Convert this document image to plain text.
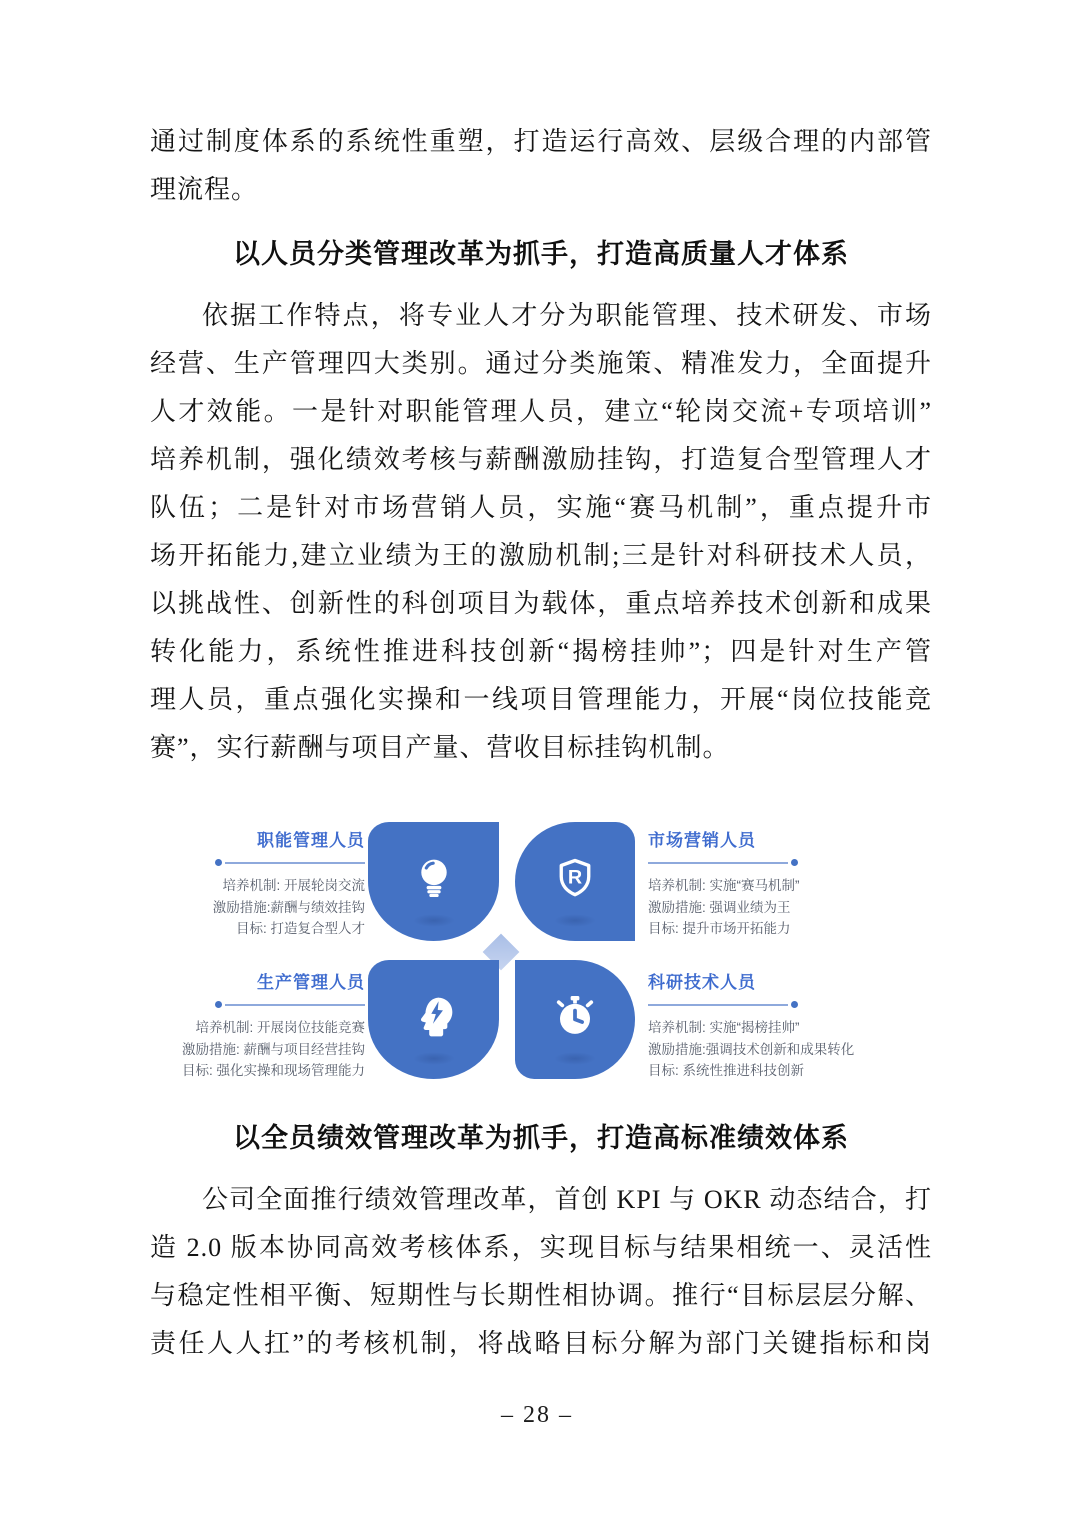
通过制度体系的系统性重塑，打造运行高效、层级合理的内部管
理流程。
以人员分类管理改革为抓手，打造高质量人才体系
依据工作特点，将专业人才分为职能管理、技术研发、市场
经营、生产管理四大类别。通过分类施策、精准发力，全面提升
人才效能。一是针对职能管理人员，建立“轮岗交流+专项培训”
培养机制，强化绩效考核与薪酬激励挂钩，打造复合型管理人才
队伍；二是针对市场营销人员，实施“赛马机制”，重点提升市
场开拓能力,建立业绩为王的激励机制;三是针对科研技术人员，
以挑战性、创新性的科创项目为载体，重点培养技术创新和成果
转化能力，系统性推进科技创新“揭榜挂帅”；四是针对生产管
理人员，重点强化实操和一线项目管理能力，开展“岗位技能竞
赛”，实行薪酬与项目产量、营收目标挂钩机制。
职能管理人员
培养机制: 开展轮岗交流
激励措施:薪酬与绩效挂钩
目标: 打造复合型人才
R
市场营销人员
培养机制: 实施“赛马机制”
激励措施: 强调业绩为王
目标: 提升市场开拓能力
生产管理人员
培养机制: 开展岗位技能竞赛
激励措施: 薪酬与项目经营挂钩
目标: 强化实操和现场管理能力
科研技术人员
培养机制: 实施“揭榜挂帅”
激励措施:强调技术创新和成果转化
目标: 系统性推进科技创新
以全员绩效管理改革为抓手，打造高标准绩效体系
公司全面推行绩效管理改革，首创 KPI 与 OKR 动态结合，打
造 2.0 版本协同高效考核体系，实现目标与结果相统一、灵活性
与稳定性相平衡、短期性与长期性相协调。推行“目标层层分解、
责任人人扛”的考核机制，将战略目标分解为部门关键指标和岗
– 28 –
